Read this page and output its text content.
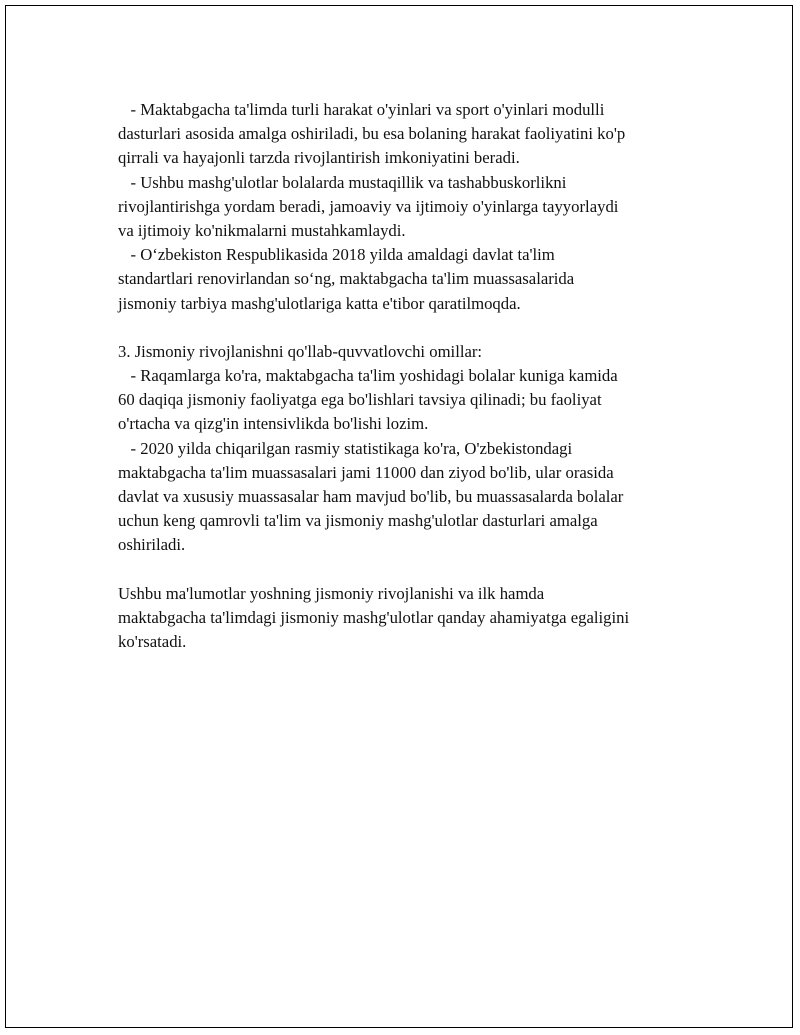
- Maktabgacha ta'limda turli harakat o'yinlari va sport o'yinlari modulli
dasturlari asosida amalga oshiriladi, bu esa bolaning harakat faoliyatini ko'p
qirrali va hayajonli tarzda rivojlantirish imkoniyatini beradi.
- Ushbu mashg'ulotlar bolalarda mustaqillik va tashabbuskorlikni
rivojlantirishga yordam beradi, jamoaviy va ijtimoiy o'yinlarga tayyorlaydi
va ijtimoiy ko'nikmalarni mustahkamlaydi.
- O‘zbekiston Respublikasida 2018 yilda amaldagi davlat ta'lim
standartlari renovirlandan so‘ng, maktabgacha ta'lim muassasalarida
jismoniy tarbiya mashg'ulotlariga katta e'tibor qaratilmoqda.
3. Jismoniy rivojlanishni qo'llab-quvvatlovchi omillar:
- Raqamlarga ko'ra, maktabgacha ta'lim yoshidagi bolalar kuniga kamida
60 daqiqa jismoniy faoliyatga ega bo'lishlari tavsiya qilinadi; bu faoliyat
o'rtacha va qizg'in intensivlikda bo'lishi lozim.
- 2020 yilda chiqarilgan rasmiy statistikaga ko'ra, O'zbekistondagi
maktabgacha ta'lim muassasalari jami 11000 dan ziyod bo'lib, ular orasida
davlat va xususiy muassasalar ham mavjud bo'lib, bu muassasalarda bolalar
uchun keng qamrovli ta'lim va jismoniy mashg'ulotlar dasturlari amalga
oshiriladi.
Ushbu ma'lumotlar yoshning jismoniy rivojlanishi va ilk hamda
maktabgacha ta'limdagi jismoniy mashg'ulotlar qanday ahamiyatga egaligini
ko'rsatadi.
